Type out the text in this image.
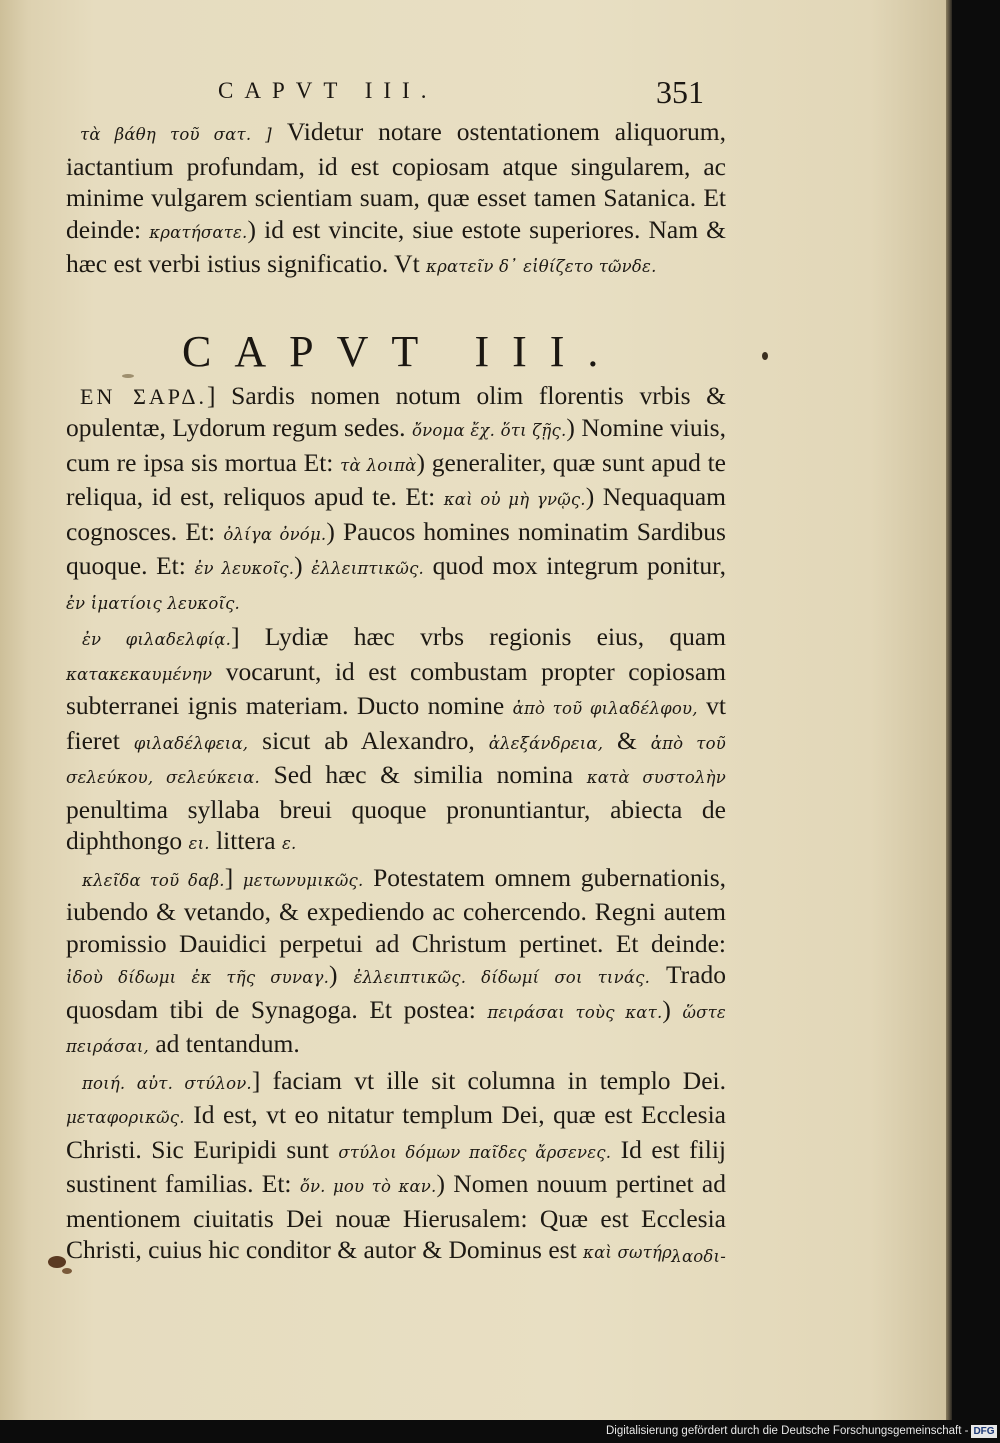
CAPVT III.	351
CAPVT III.

τὰ βάθη τοῦ σατ. ] Videtur notare ostentationem aliquorum, iactantium profundam, id est copiosam atque singularem, ac minime vulgarem scientiam suam, quæ esset tamen Satanica. Et deinde: κρατήσατε.) id est vincite, siue estote superiores. Nam & hæc est verbi istius significatio. Vt κρατεῖν δ᾽ εἰθίζετο τῶνδε.

EN ΣΑΡΔ.] Sardis nomen notum olim florentis vrbis & opulentæ, Lydorum regum sedes. ὄνομα ἔχ. ὅτι ζῇς.) Nomine viuis, cum re ipsa sis mortua Et: τὰ λοιπὰ) generaliter, quæ sunt apud te reliqua, id est, reliquos apud te. Et: καὶ οὐ μὴ γνῷς.) Nequaquam cognosces. Et: ὀλίγα ὀνόμ.) Paucos homines nominatim Sardibus quoque. Et: ἐν λευκοῖς.) ἐλλειπτικῶς. quod mox integrum ponitur, ἐν ἱματίοις λευκοῖς.

ἐν φιλαδελφίᾳ.] Lydiæ hæc vrbs regionis eius, quam κατακεκαυμένην vocarunt, id est combustam propter copiosam subterranei ignis materiam. Ducto nomine ἀπὸ τοῦ φιλαδέλφου, vt fieret φιλαδέλφεια, sicut ab Alexandro, ἀλεξάνδρεια, & ἀπὸ τοῦ σελεύκου, σελεύκεια. Sed hæc & similia nomina κατὰ συστολὴν penultima syllaba breui quoque pronuntiantur, abiecta de diphthongo ει. littera ε.

κλεῖδα τοῦ δαβ.] μετωνυμικῶς. Potestatem omnem gubernationis, iubendo & vetando, & expediendo ac cohercendo. Regni autem promissio Dauidici perpetui ad Christum pertinet. Et deinde: ἰδοὺ δίδωμι ἐκ τῆς συναγ.) ἐλλειπτικῶς. δίδωμί σοι τινάς. Trado quosdam tibi de Synagoga. Et postea: πειράσαι τοὺς κατ.) ὥστε πειράσαι, ad tentandum.

ποιή. αὐτ. στύλον.] faciam vt ille sit columna in templo Dei. μεταφορικῶς. Id est, vt eo nitatur templum Dei, quæ est Ecclesia Christi. Sic Euripidi sunt στύλοι δόμων παῖδες ἄρσενες. Id est filij sustinent familias. Et: ὄν. μου τὸ καν.) Nomen nouum pertinet ad mentionem ciuitatis Dei nouæ Hierusalem: Quæ est Ecclesia Christi, cuius hic conditor & autor & Dominus est καὶ σωτήρ.

λαοδι-

Digitalisierung gefördert durch die Deutsche Forschungsgemeinschaft - DFG
